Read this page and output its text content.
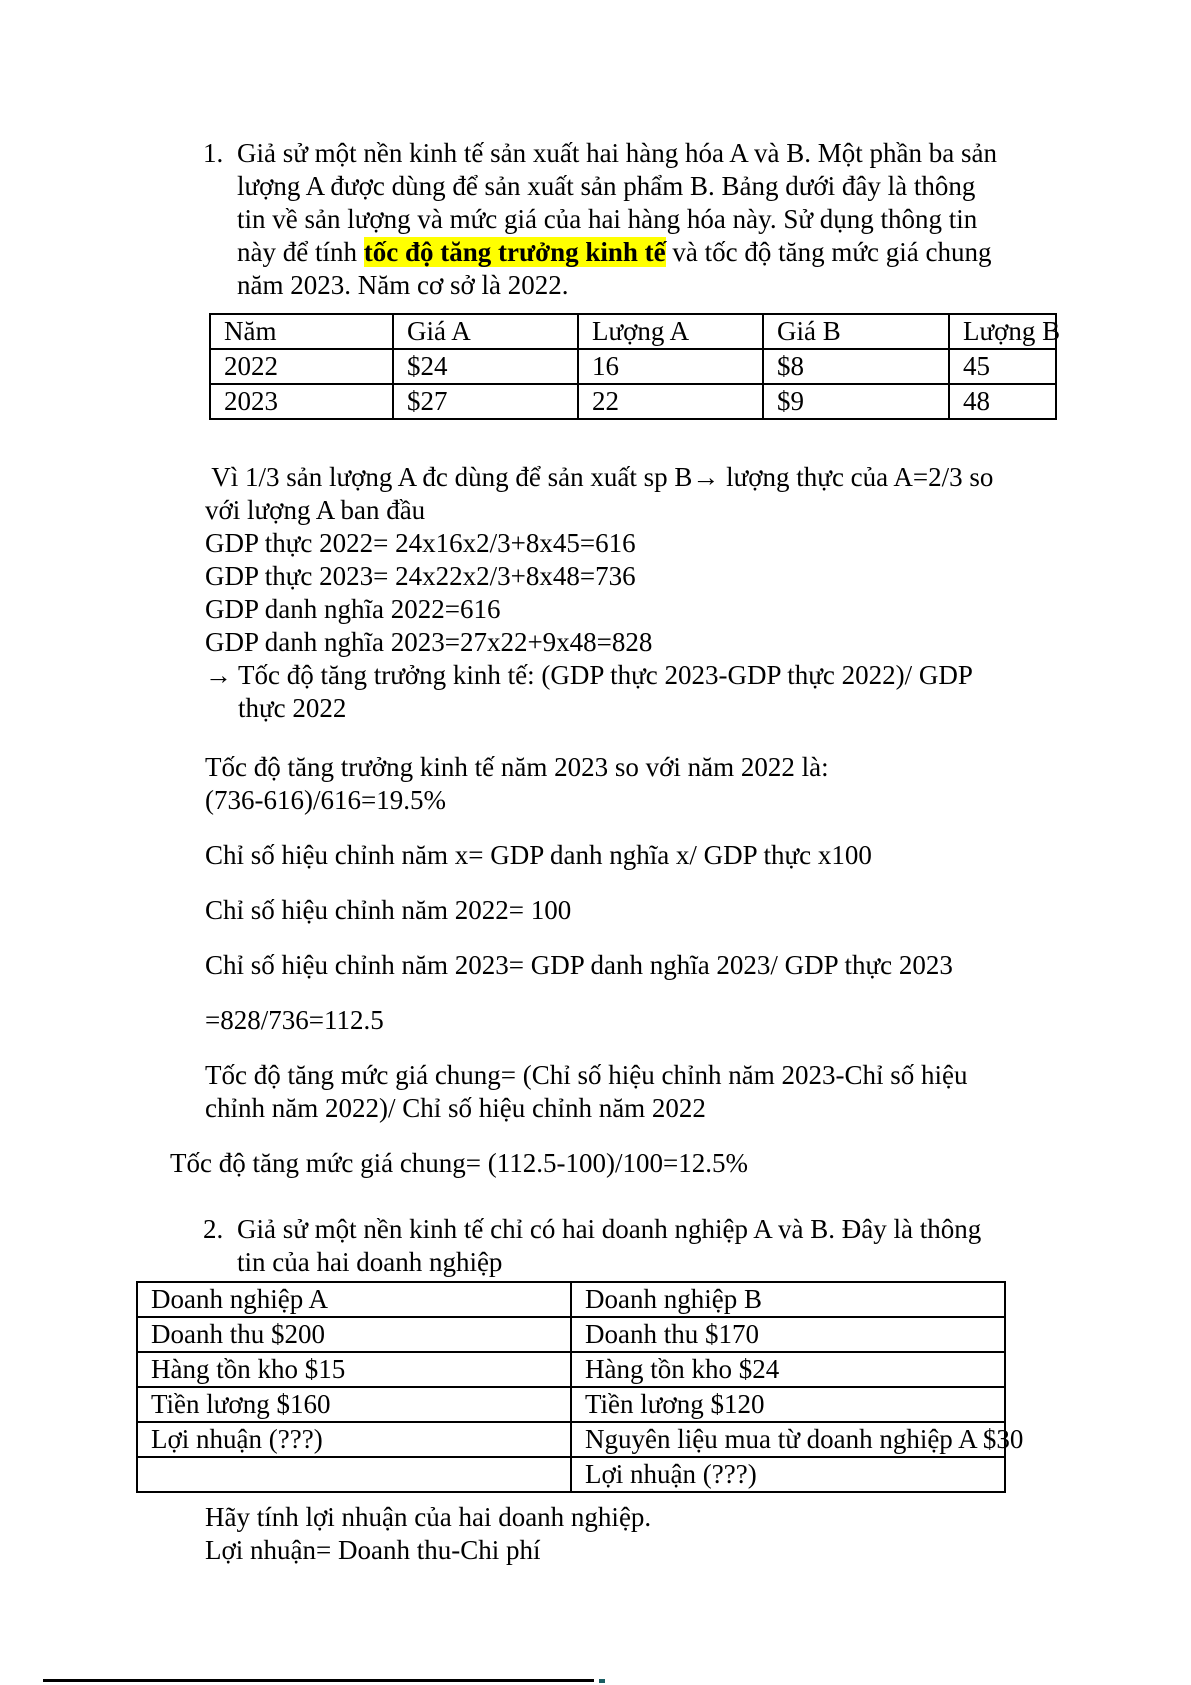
1. Giả sử một nền kinh tế sản xuất hai hàng hóa A và B. Một phần ba sản
lượng A được dùng để sản xuất sản phẩm B. Bảng dưới đây là thông
tin về sản lượng và mức giá của hai hàng hóa này. Sử dụng thông tin
này để tính tốc độ tăng trưởng kinh tế và tốc độ tăng mức giá chung
năm 2023. Năm cơ sở là 2022.
Năm	Giá A	Lượng A	Giá B	Lượng B
2022	$24	16	$8	45
2023	$27	22	$9	48
Vì 1/3 sản lượng A đc dùng để sản xuất sp B→ lượng thực của A=2/3 so
với lượng A ban đầu
GDP thực 2022= 24x16x2/3+8x45=616
GDP thực 2023= 24x22x2/3+8x48=736
GDP danh nghĩa 2022=616
GDP danh nghĩa 2023=27x22+9x48=828
→ Tốc độ tăng trưởng kinh tế: (GDP thực 2023-GDP thực 2022)/ GDP
thực 2022
Tốc độ tăng trưởng kinh tế năm 2023 so với năm 2022 là:
(736-616)/616=19.5%
Chỉ số hiệu chỉnh năm x= GDP danh nghĩa x/ GDP thực x100
Chỉ số hiệu chỉnh năm 2022= 100
Chỉ số hiệu chỉnh năm 2023= GDP danh nghĩa 2023/ GDP thực 2023
=828/736=112.5
Tốc độ tăng mức giá chung= (Chỉ số hiệu chỉnh năm 2023-Chỉ số hiệu
chỉnh năm 2022)/ Chỉ số hiệu chỉnh năm 2022
Tốc độ tăng mức giá chung= (112.5-100)/100=12.5%
2. Giả sử một nền kinh tế chỉ có hai doanh nghiệp A và B. Đây là thông
tin của hai doanh nghiệp
Doanh nghiệp A	Doanh nghiệp B
Doanh thu $200	Doanh thu $170
Hàng tồn kho $15	Hàng tồn kho $24
Tiền lương $160	Tiền lương $120
Lợi nhuận (???)	Nguyên liệu mua từ doanh nghiệp A $30
	Lợi nhuận (???)
Hãy tính lợi nhuận của hai doanh nghiệp.
Lợi nhuận= Doanh thu-Chi phí
